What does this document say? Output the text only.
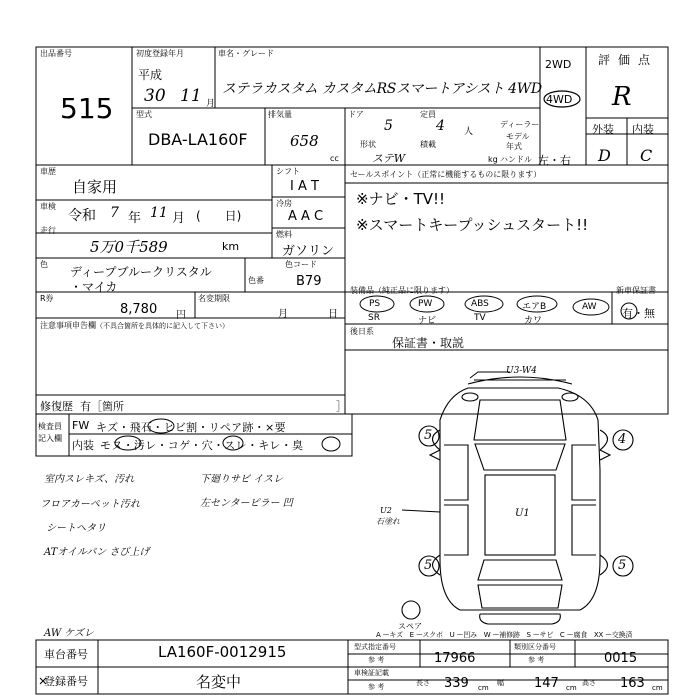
出品番号
515
初度登録年月
平成
30 11 月
車名・グレード
ステラカスタム カスタムRSスマートアシスト 4WD
2WD
4WD
評価点
R
型式
DBA-LA160F
排気量
658
cc
ドア
5
定員
4 人
ディーラー
形状
ステW
積載
kg
モデル
年式
ハンドル 左・右
外装 内装
D C
車歴
自家用
車検
令和 7 年 11 月 (　　日)
走行
5万0千589	km
シフト
I A T
冷房
A A C
燃料
ガソリン
色
ディープブルークリスタル
・マイカ	色番
色コード
B79
R券
8,780 円
名変期限
月	日
注意事項申告欄 （不具合箇所を具体的に記入して下さい）
修復歴 有［箇所	］
セールスポイント（正常に機能するものに限ります）
※ナビ・TV!!
※スマートキープッシュスタート!!
装備品（純正品に限ります）	新車保証書
PS
SR
PW
ナビ
ABS
TV
エアB
カワ
AW 有・無
後日系
保証書・取説
検査員
記入欄
FW キズ・飛石・ヒビ割・リペア跡・×要
内装 モヌ・汚レ・コゲ・穴・スレ・キレ・臭
室内スレキズ、汚れ
フロアカーペット汚れ
シートヘタリ
ATオイルパン さび上げ
下廻りサビ イスレ
左センターピラー 凹
AW ケズレ
U3-W4
5	4
5	5
U1
U2
石塗れ
スペア
A ーキズ　E ースクボ　U ー凹み　W ー補修跡　S ーサビ　C ー腐食　XX ー交換済
車台番号	LA160F-0012915
登録番号	名変中
型式指定番号
参 考	17966
類別区分番号
参 考	0015
車検証記載
参 考	長さ 339 cm
幅 147 cm
高さ 163 cm
